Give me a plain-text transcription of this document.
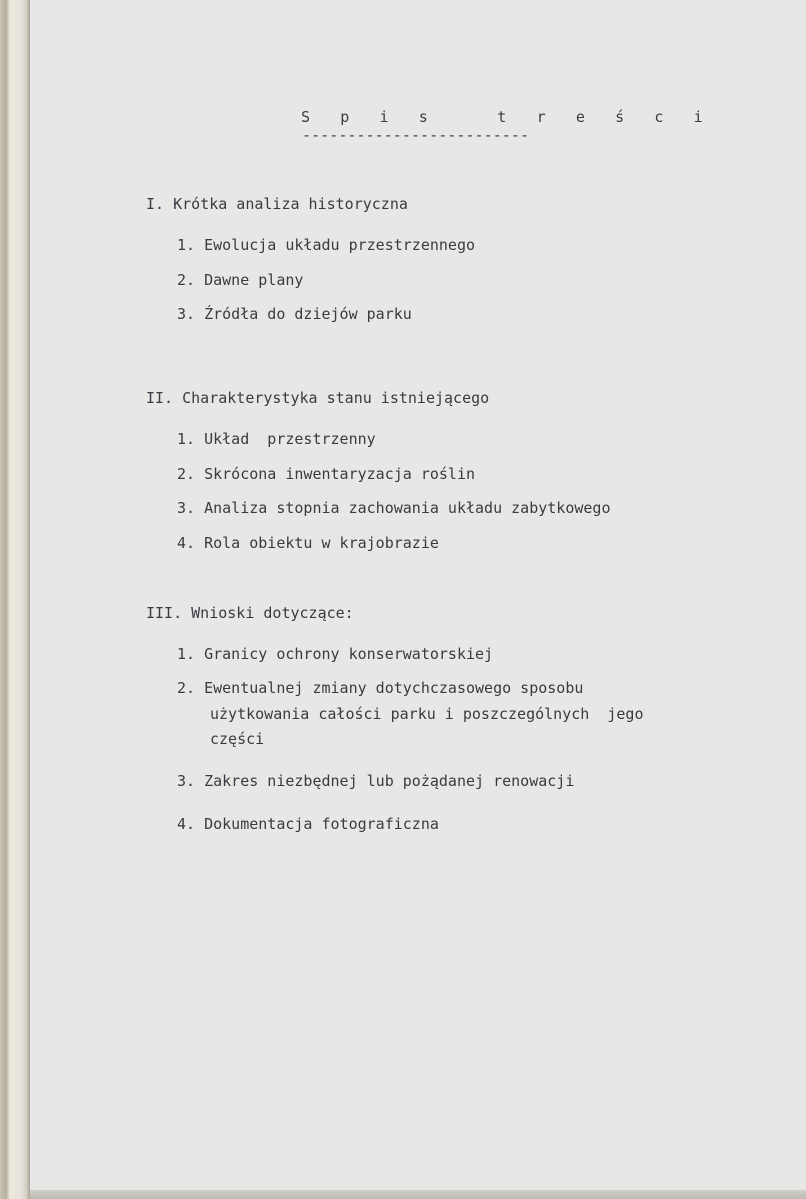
S p i s   t r e ś c i
-------------------------
I. Krótka analiza historyczna
1. Ewolucja układu przestrzennego
2. Dawne plany
3. Źródła do dziejów parku
II. Charakterystyka stanu istniejącego
1. Układ  przestrzenny
2. Skrócona inwentaryzacja roślin
3. Analiza stopnia zachowania układu zabytkowego
4. Rola obiektu w krajobrazie
III. Wnioski dotyczące:
1. Granicy ochrony konserwatorskiej
2. Ewentualnej zmiany dotychczasowego sposobu
użytkowania całości parku i poszczególnych  jego
części
3. Zakres niezbędnej lub pożądanej renowacji
4. Dokumentacja fotograficzna
